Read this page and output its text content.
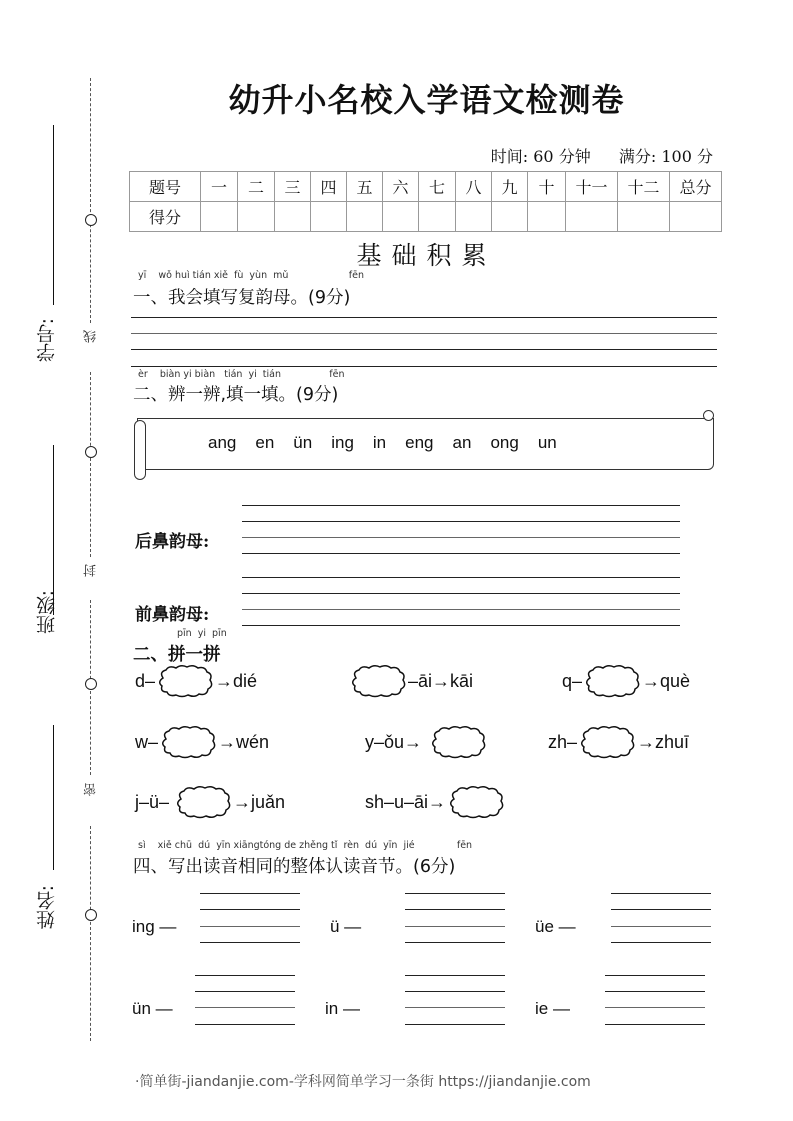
线
封
密
学号:
班级:
姓名:
幼升小名校入学语文检测卷
时间: 60 分钟 满分: 100 分
题号	一	二	三	四	五	六	七	八	九	十	十一	十二	总分
得分													
基础积累
yī    wǒ huì tián xiě  fù  yùn  mǔ                    fēn
一、我会填写复韵母。(9分)
èr    biàn yi biàn   tián  yi  tián                fēn
二、辨一辨,填一填。(9分)
ang en ün ing in eng an ong un
后鼻韵母:
前鼻韵母:
pīn  yi  pīn
二、拼一拼
d–	→dié	–āi→kāi	q–	→què
w–	→wén	y–ǒu→	zh–	→zhuī
j–ü–	→juǎn	sh–u–āi→
sì    xiě chū  dú  yīn xiāngtóng de zhěng tǐ  rèn  dú  yīn  jié              fēn
四、写出读音相同的整体认读音节。(6分)
ing —	ü —	üe —
ün —	in —	ie —
·简单街-jiandanjie.com-学科网简单学习一条街 https://jiandanjie.com
